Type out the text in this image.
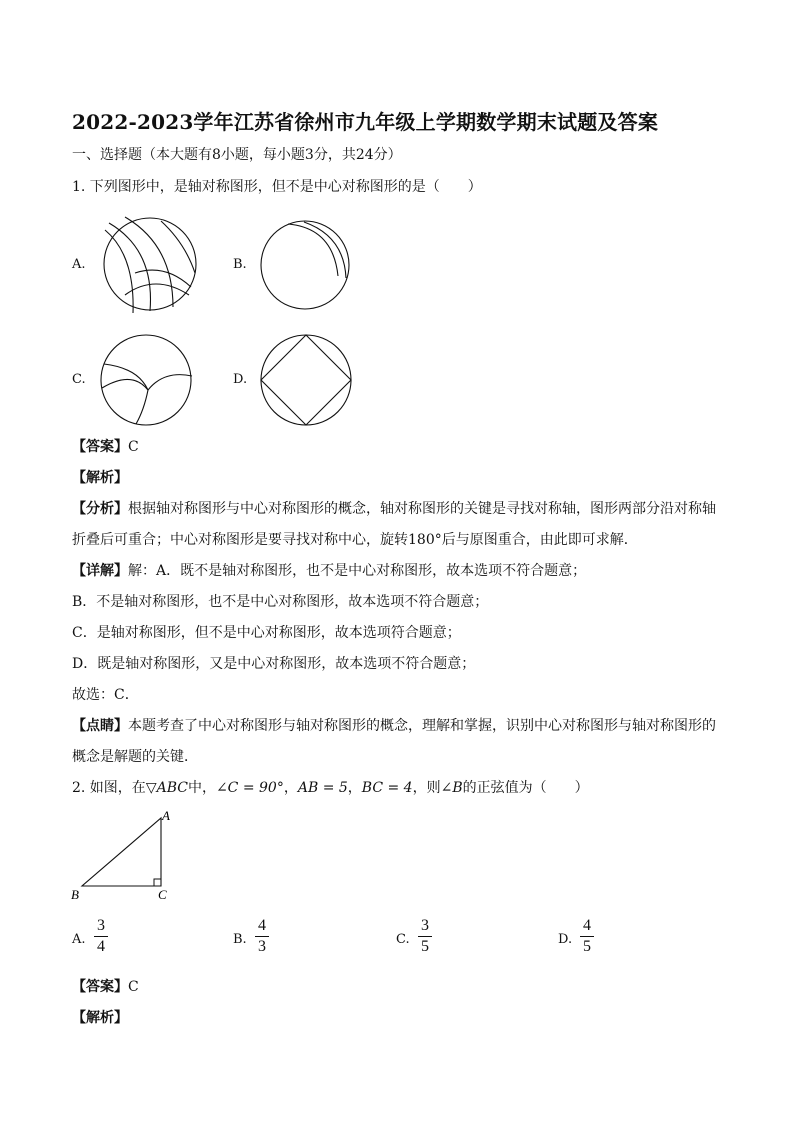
2022-2023学年江苏省徐州市九年级上学期数学期末试题及答案
一、选择题（本大题有8小题，每小题3分，共24分）
1. 下列图形中，是轴对称图形，但不是中心对称图形的是（　　）
A.	B.
C.	D.
【答案】C
【解析】
【分析】根据轴对称图形与中心对称图形的概念，轴对称图形的关键是寻找对称轴，图形两部分沿对称轴
折叠后可重合；中心对称图形是要寻找对称中心，旋转180°后与原图重合，由此即可求解．
【详解】解：A．既不是轴对称图形，也不是中心对称图形，故本选项不符合题意；
B．不是轴对称图形，也不是中心对称图形，故本选项不符合题意；
C．是轴对称图形，但不是中心对称图形，故本选项符合题意；
D．既是轴对称图形，又是中心对称图形，故本选项不符合题意；
故选：C．
【点睛】本题考查了中心对称图形与轴对称图形的概念，理解和掌握，识别中心对称图形与轴对称图形的
概念是解题的关键．
2. 如图，在▽ABC中，∠C = 90°，AB = 5，BC = 4，则∠B的正弦值为（　　）
A
B	C
A.
3
4	B.
4
3	C.
3
5	D.
4
5
【答案】C
【解析】
